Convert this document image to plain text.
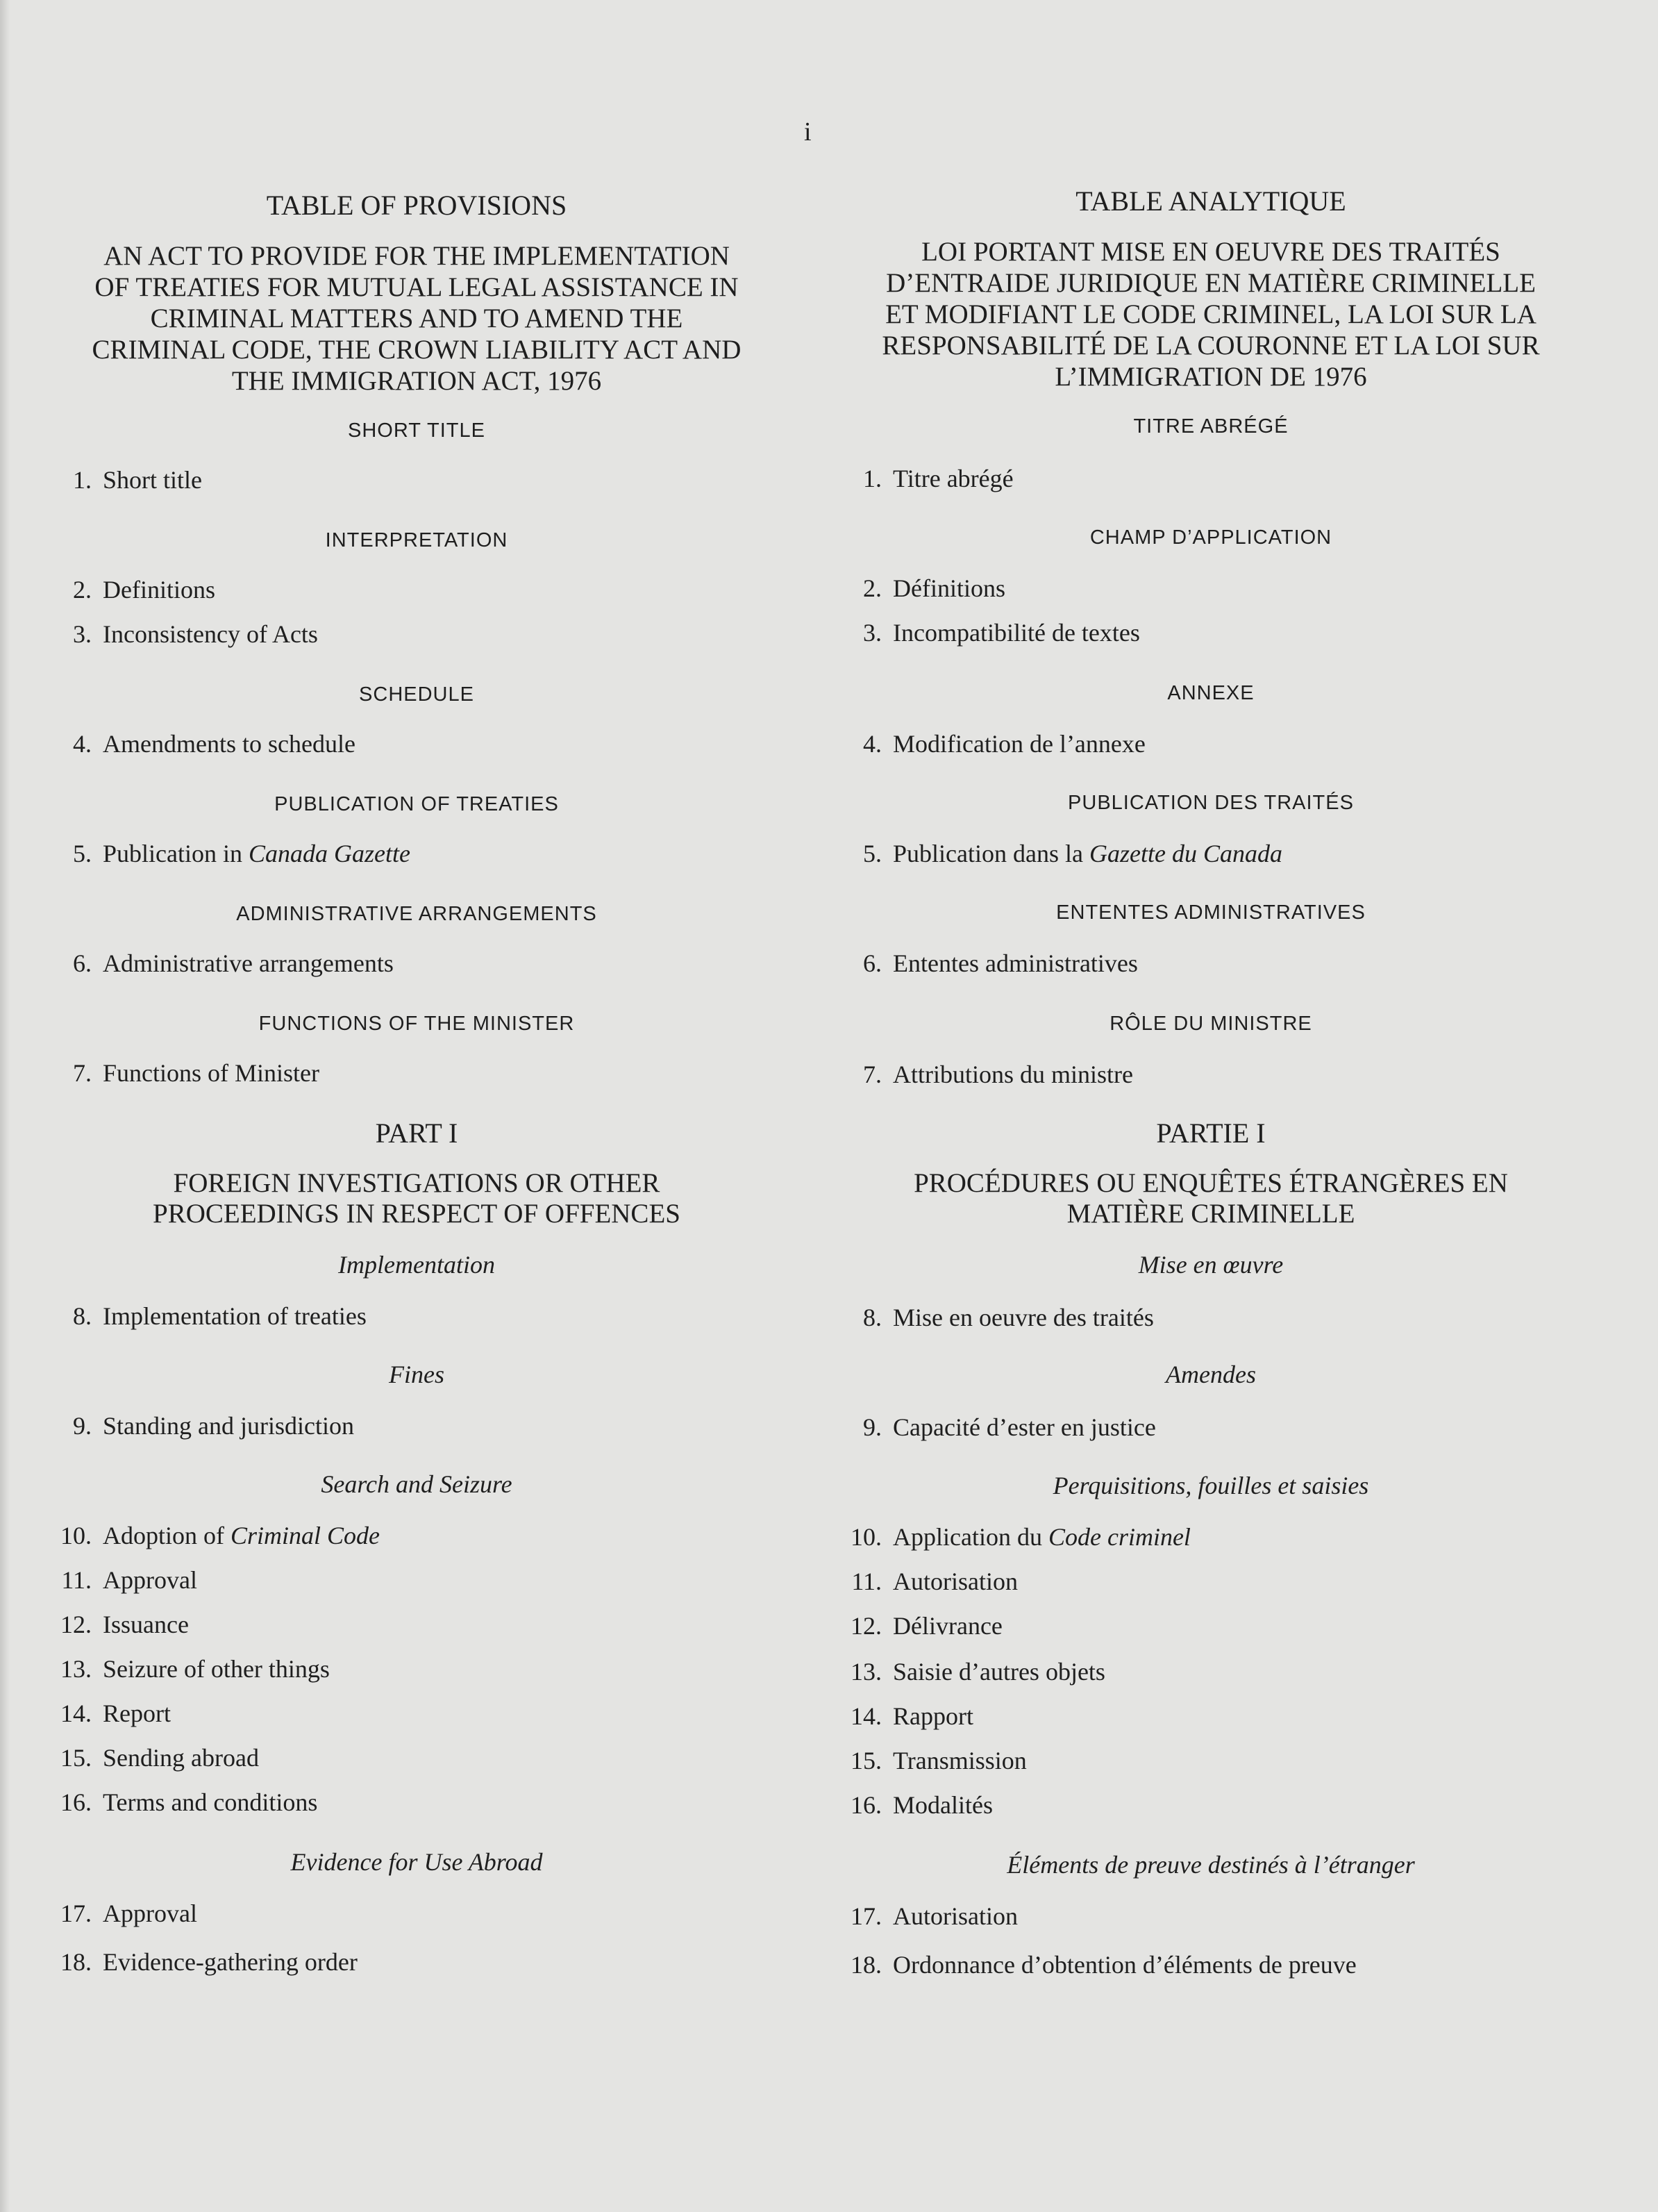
i
TABLE OF PROVISIONS
AN ACT TO PROVIDE FOR THE IMPLEMENTATION
OF TREATIES FOR MUTUAL LEGAL ASSISTANCE IN
CRIMINAL MATTERS AND TO AMEND THE
CRIMINAL CODE, THE CROWN LIABILITY ACT AND
THE IMMIGRATION ACT, 1976
SHORT TITLE
1. Short title
INTERPRETATION
2. Definitions
3. Inconsistency of Acts
SCHEDULE
4. Amendments to schedule
PUBLICATION OF TREATIES
5. Publication in Canada Gazette
ADMINISTRATIVE ARRANGEMENTS
6. Administrative arrangements
FUNCTIONS OF THE MINISTER
7. Functions of Minister
PART I
FOREIGN INVESTIGATIONS OR OTHER
PROCEEDINGS IN RESPECT OF OFFENCES
Implementation
8. Implementation of treaties
Fines
9. Standing and jurisdiction
Search and Seizure
10. Adoption of Criminal Code
11. Approval
12. Issuance
13. Seizure of other things
14. Report
15. Sending abroad
16. Terms and conditions
Evidence for Use Abroad
17. Approval
18. Evidence-gathering order
TABLE ANALYTIQUE
LOI PORTANT MISE EN OEUVRE DES TRAITÉS
D’ENTRAIDE JURIDIQUE EN MATIÈRE CRIMINELLE
ET MODIFIANT LE CODE CRIMINEL, LA LOI SUR LA
RESPONSABILITÉ DE LA COURONNE ET LA LOI SUR
L’IMMIGRATION DE 1976
TITRE ABRÉGÉ
1. Titre abrégé
CHAMP D’APPLICATION
2. Définitions
3. Incompatibilité de textes
ANNEXE
4. Modification de l’annexe
PUBLICATION DES TRAITÉS
5. Publication dans la Gazette du Canada
ENTENTES ADMINISTRATIVES
6. Ententes administratives
RÔLE DU MINISTRE
7. Attributions du ministre
PARTIE I
PROCÉDURES OU ENQUÊTES ÉTRANGÈRES EN
MATIÈRE CRIMINELLE
Mise en œuvre
8. Mise en oeuvre des traités
Amendes
9. Capacité d’ester en justice
Perquisitions, fouilles et saisies
10. Application du Code criminel
11. Autorisation
12. Délivrance
13. Saisie d’autres objets
14. Rapport
15. Transmission
16. Modalités
Éléments de preuve destinés à l’étranger
17. Autorisation
18. Ordonnance d’obtention d’éléments de preuve
